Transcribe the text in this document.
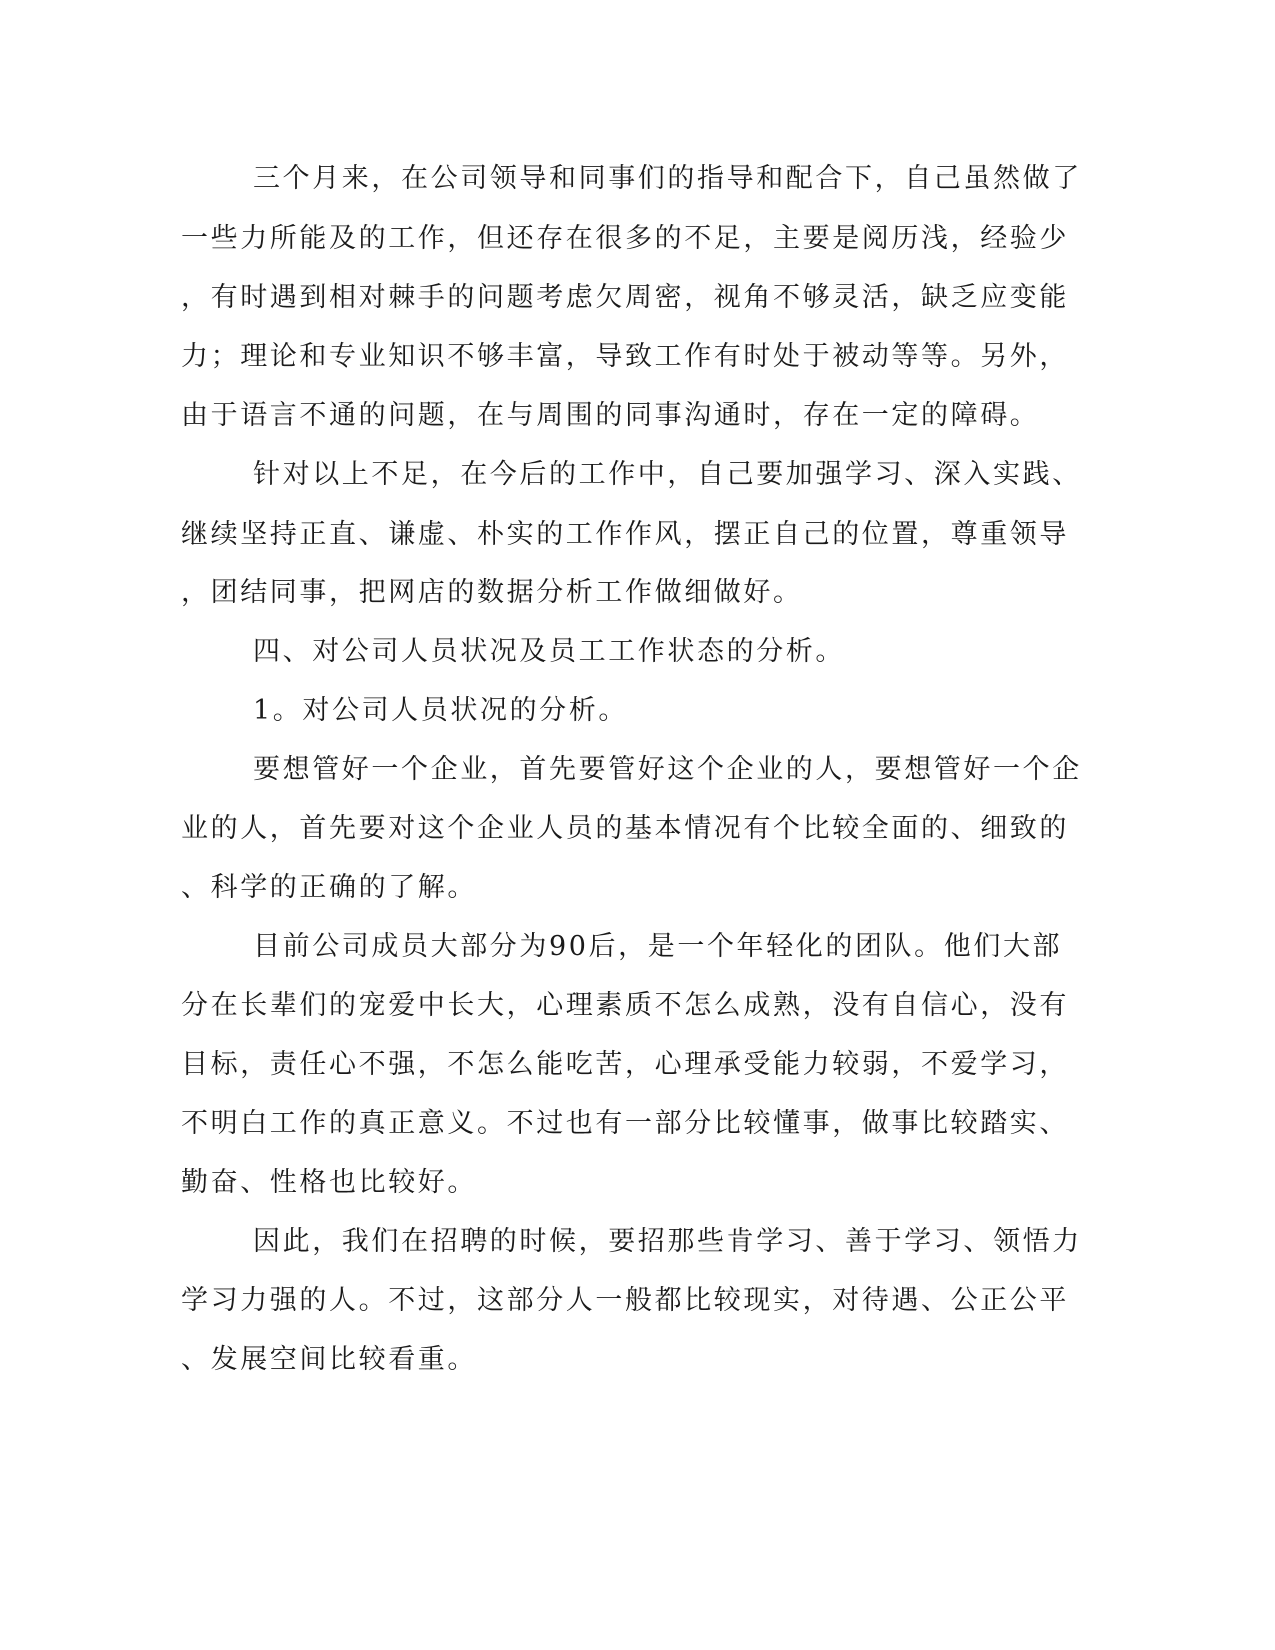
三个月来，在公司领导和同事们的指导和配合下，自己虽然做了
一些力所能及的工作，但还存在很多的不足，主要是阅历浅，经验少
，有时遇到相对棘手的问题考虑欠周密，视角不够灵活，缺乏应变能
力；理论和专业知识不够丰富，导致工作有时处于被动等等。另外，
由于语言不通的问题，在与周围的同事沟通时，存在一定的障碍。
针对以上不足，在今后的工作中，自己要加强学习、深入实践、
继续坚持正直、谦虚、朴实的工作作风，摆正自己的位置，尊重领导
，团结同事，把网店的数据分析工作做细做好。
四、对公司人员状况及员工工作状态的分析。
1。对公司人员状况的分析。
要想管好一个企业，首先要管好这个企业的人，要想管好一个企
业的人，首先要对这个企业人员的基本情况有个比较全面的、细致的
、科学的正确的了解。
目前公司成员大部分为90后，是一个年轻化的团队。他们大部
分在长辈们的宠爱中长大，心理素质不怎么成熟，没有自信心，没有
目标，责任心不强，不怎么能吃苦，心理承受能力较弱，不爱学习，
不明白工作的真正意义。不过也有一部分比较懂事，做事比较踏实、
勤奋、性格也比较好。
因此，我们在招聘的时候，要招那些肯学习、善于学习、领悟力
学习力强的人。不过，这部分人一般都比较现实，对待遇、公正公平
、发展空间比较看重。
